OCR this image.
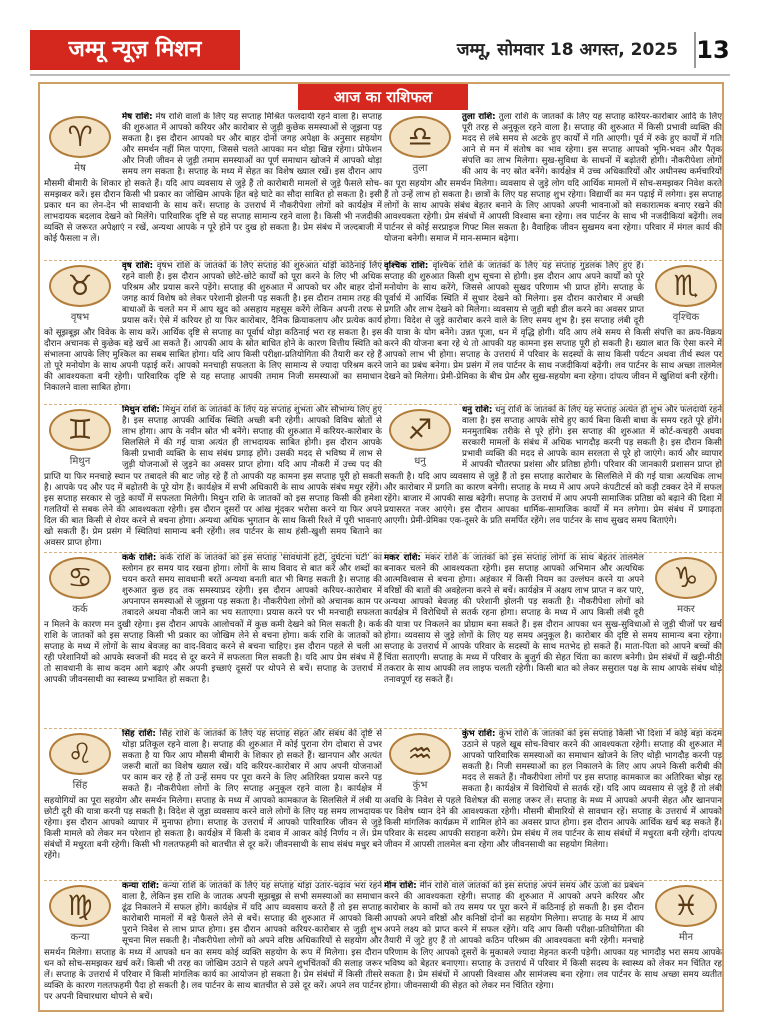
जम्मू न्यूज़ मिशन	जम्मू, सोमवार 18 अगस्त, 2025 13
आज का राशिफल
♈
मेष
मेष राशि: मेष राशि वालों के लिए यह सप्ताह मिश्रित फलदायी रहने वाला है। सप्ताह की शुरुआत में आपको करियर और कारोबार से जुड़ी कुछेक समस्याओं से जूझना पड़ सकता है। इस दौरान आपको घर और बाहर दोनों जगह अपेक्षा के अनुसार सहयोग और समर्थन नहीं मिल पाएगा, जिससे चलते आपका मन थोड़ा खिन्न रहेगा। प्रोफेशन और निजी जीवन से जुड़ी तमाम समस्याओं का पूर्ण समाधान खोजने में आपको थोड़ा समय लग सकता है। सप्ताह के मध्य में सेहत का विशेष ख्याल रखें। इस दौरान आप मौसमी बीमारी के शिकार हो सकते हैं। यदि आप व्यवसाय से जुड़े हैं तो कारोबारी मामलों से जुड़े फैसले सोच-समझकर करें। इस दौरान किसी भी प्रकार का जोखिम आपके हित बड़े घाटे का सौदा साबित हो सकता है। इसी प्रकार धन का लेन-देन भी सावधानी के साथ करें। सप्ताह के उत्तरार्ध में नौकरीपेशा लोगों को कार्यक्षेत्र में लाभदायक बदलाव देखने को मिलेंगे। पारिवारिक दृष्टि से यह सप्ताह सामान्य रहने वाला है। किसी भी नजदीकी व्यक्ति से जरूरत अपेक्षाएं न रखें, अन्यथा आपके न पूरे होने पर दुख हो सकता है। प्रेम संबंध में जल्दबाजी में कोई फैसला न लें।
♉
वृषभ
वृष राशि: वृषभ राशि के जातकों के लिए सप्ताह की शुरुआत थोड़ी कठिनाई लिए रहने वाली है। इस दौरान आपको छोटे-छोटे कार्यों को पूरा करने के लिए भी अधिक परिश्रम और प्रयास करने पड़ेंगे। सप्ताह की शुरुआत में आपको घर और बाहर दोनों जगह कार्य विशेष को लेकर परेशानी झेलनी पड़ सकती है। इस दौरान तमाम तरह की बाधाओं के चलते मन में आप खुद को असहाय महसूस करेंगे लेकिन अपनी तरफ से प्रयास करें। ऐसे में करियर हो या फिर कारोबार, दैनिक क्रियाकलाप और प्रत्येक कार्य को सूझबूझ और विवेक के साथ करें। आर्थिक दृष्टि से सप्ताह का पूर्वार्ध थोड़ा कठिनाई भरा रह सकता है। इस दौरान अचानक से कुछेक बड़े खर्चे आ सकते हैं। आपकी आय के स्रोत बाधित होने के कारण वित्तीय स्थिति को संभालना आपके लिए मुश्किल का सबब साबित होगा। यदि आप किसी परीक्षा-प्रतियोगिता की तैयारी कर रहे हैं तो पूरे मनोयोग के साथ अपनी पढ़ाई करें। आपको मनचाही सफलता के लिए सामान्य से ज्यादा परिश्रम करने की आवश्यकता बनी रहेगी। पारिवारिक दृष्टि से यह सप्ताह आपकी तमाम निजी समस्याओं का समाधान निकालने वाला साबित होगा।
♊
मिथुन
मिथुन राशि: मिथुन राशि के जातकों के लिए यह सप्ताह शुभता और सौभाग्य लिए हुए है। इस सप्ताह आपकी आर्थिक स्थिति अच्छी बनी रहेगी। आपको विविध स्रोतों से लाभ होगा। आप के नवीन स्रोत भी बनेंगे। सप्ताह की शुरुआत में करियर-कारोबार के सिलसिले में की गई यात्रा अत्यंत ही लाभदायक साबित होगी। इस दौरान आपके किसी प्रभावी व्यक्ति के साथ संबंध प्रगाढ़ होंगे। उसकी मदद से भविष्य में लाभ से जुड़ी योजनाओं से जुड़ने का अवसर प्राप्त होगा। यदि आप नौकरी में उच्च पद की प्राप्ति या फिर मनचाहे स्थान पर तबादले की बाट जोह रहे हैं तो आपकी यह कामना इस सप्ताह पूरी हो सकती है। आपके पद और पद में बढ़ोतरी के पूरे योग हैं। कार्यक्षेत्र में सभी अधिकारी के साथ आपके संबंध मधुर रहेंगे। इस सप्ताह सरकार से जुड़े कार्यों में सफलता मिलेगी। मिथुन राशि के जातकों को इस सप्ताह किसी की हमेशा गलतियों से सबक लेने की आवश्यकता रहेगी। इस दौरान दूसरों पर आंख मूंदकर भरोसा करने या फिर अपने दिल की बात किसी से शेयर करने से बचना होगा। अन्यथा अधिक भुगतान के साथ किसी रिश्ते में पूरी भावनाएं खो सकती हैं। प्रेम प्रसंग में स्थितियां सामान्य बनी रहेंगी। लव पार्टनर के साथ हंसी-खुशी समय बिताने का अवसर प्राप्त होगा।
♋
कर्क
कर्क राशि: कर्क राशि के जातकों को इस सप्ताह 'सावधानी हटी, दुर्घटना घटी' का स्लोगन हर समय याद रखना होगा। लोगों के साथ विवाद से बात करें और शब्दों का चयन करते समय सावधानी बरतें अन्यथा बनती बात भी बिगड़ सकती है। सप्ताह की शुरुआत कुछ हद तक समस्याप्रद रहेगी। इस दौरान आपको करियर-कारोबार में अपनापन समस्याओं से जूझना पड़ सकता है। नौकरीपेशा लोगों को अचानक काम पर तबादले अथवा नौकरी जाने का भय सताएगा। प्रयास करने पर भी मनचाही सफलता न मिलने के कारण मन दुखी रहेगा। इस दौरान आपके आलोचकों में कुछ कमी देखने को मिल सकती है। कर्क राशि के जातकों को इस सप्ताह किसी भी प्रकार का जोखिम लेने से बचना होगा। कर्क राशि के जातकों को सप्ताह के मध्य में लोगों के साथ बेवजह का वाद-विवाद करने से बचना चाहिए। इस दौरान पहले से चली आ रही परेशानियों को आपके स्वजनों की मदद से दूर करने में सफलता मिल सकती है। यदि आप प्रेम संबंध में हैं तो सावधानी के साथ कदम आगे बढ़ाएं और अपनी इच्छाएं दूसरों पर थोपने से बचें। सप्ताह के उत्तरार्ध में आपकी जीवनसाथी का स्वास्थ्य प्रभावित हो सकता है।
♌
सिंह
सिंह राशि: सिंह राशि के जातकों के लिए यह सप्ताह सेहत और संबंध की दृष्टि से थोड़ा प्रतिकूल रहने वाला है। सप्ताह की शुरुआत में कोई पुराना रोग दोबारा से उभर सकता है या फिर आप मौसमी बीमारी के शिकार हो सकते हैं। खानपान और अत्यंत जरूरी बातों का विशेष ख्याल रखें। यदि करियर-कारोबार में आप अपनी योजनाओं पर काम कर रहे हैं तो उन्हें समय पर पूरा करने के लिए अतिरिक्त प्रयास करने पड़ सकते हैं। नौकरीपेशा लोगों के लिए सप्ताह अनुकूल रहने वाला है। कार्यक्षेत्र में सहयोगियों का पूरा सहयोग और समर्थन मिलेगा। सप्ताह के मध्य में आपको कामकाज के सिलसिले में लंबी या छोटी दूरी की यात्रा करनी पड़ सकती है। विदेश से जुड़ा व्यवसाय करने वाले लोगों के लिए यह समय लाभदायक रहेगा। इस दौरान आपको व्यापार में मुनाफा होगा। सप्ताह के उत्तरार्ध में आपको पारिवारिक जीवन से जुड़े किसी मामले को लेकर मन परेशान हो सकता है। कार्यक्षेत्र में किसी के दबाव में आकर कोई निर्णय न लें। प्रेम संबंधों में मधुरता बनी रहेगी। किसी भी गलतफहमी को बातचीत से दूर करें। जीवनसाथी के साथ संबंध मधुर बने रहेंगे।
♍
कन्या
कन्या राशि: कन्या राशि के जातकों के लिए यह सप्ताह थोड़ा उतार-चढ़ाव भरा रहने वाला है, लेकिन इस राशि के जातक अपनी सूझबूझ से सभी समस्याओं का समाधान ढूंढ निकालने में सफल होंगे। कार्यक्षेत्र में यदि आप व्यवसाय करते हैं तो इस सप्ताह कारोबारी मामलों में बड़े फैसले लेने से बचें। सप्ताह की शुरुआत में आपको किसी पुराने निवेश से लाभ प्राप्त होगा। इस दौरान आपको करियर-कारोबार से जुड़ी शुभ सूचना मिल सकती है। नौकरीपेशा लोगों को अपने वरिष्ठ अधिकारियों से सहयोग और समर्थन मिलेगा। सप्ताह के मध्य में आपको धन का समय कोई व्यक्ति सहयोग के रूप में मिलेगा। इस दौरान धन को सोच-समझकर खर्च करें। किसी भी तरह का जोखिम उठाने से पहले अपने शुभचिंतकों की सलाह जरूर लें। सप्ताह के उत्तरार्ध में परिवार में किसी मांगलिक कार्य का आयोजन हो सकता है। प्रेम संबंधों में किसी तीसरे व्यक्ति के कारण गलतफहमी पैदा हो सकती है। लव पार्टनर के साथ बातचीत से उसे दूर करें। अपने लव पार्टनर पर अपनी विचारधारा थोपने से बचें।
♎
तुला
तुला राशि: तुला राशि के जातकों के लिए यह सप्ताह करियर-कारोबार आदि के लिए पूरी तरह से अनुकूल रहने वाला है। सप्ताह की शुरुआत में किसी प्रभावी व्यक्ति की मदद से लंबे समय से अटके हुए कार्यों में गति आएगी। पूर्व में रुके हुए कार्यों में गति आने से मन में संतोष का भाव रहेगा। इस सप्ताह आपको भूमि-भवन और पैतृक संपत्ति का लाभ मिलेगा। सुख-सुविधा के साधनों में बढ़ोतरी होगी। नौकरीपेशा लोगों की आय के नए स्रोत बनेंगे। कार्यक्षेत्र में उच्च अधिकारियों और अधीनस्थ कर्मचारियों का पूरा सहयोग और समर्थन मिलेगा। व्यवसाय से जुड़े लोग यदि आर्थिक मामलों में सोच-समझकर निवेश करते हैं तो उन्हें लाभ हो सकता है। छात्रों के लिए यह सप्ताह शुभ रहेगा। विद्यार्थी का मन पढ़ाई में लगेगा। इस सप्ताह लोगों के साथ आपके संबंध बेहतर बनाने के लिए आपको अपनी भावनाओं को सकारात्मक बनाए रखने की आवश्यकता रहेगी। प्रेम संबंधों में आपसी विश्वास बना रहेगा। लव पार्टनर के साथ भी नजदीकियां बढ़ेंगी। लव पार्टनर से कोई सरप्राइज गिफ्ट मिल सकता है। वैवाहिक जीवन सुखमय बना रहेगा। परिवार में मंगल कार्य की योजना बनेगी। समाज में मान-सम्मान बढ़ेगा।
♏
वृश्चिक
वृश्चिक राशि: वृश्चिक राशि के जातकों के लिए यह सप्ताह गुडलक लिए हुए है। सप्ताह की शुरुआत किसी शुभ सूचना से होगी। इस दौरान आप अपने कार्यों को पूरे मनोयोग के साथ करेंगे, जिससे आपको सुखद परिणाम भी प्राप्त होंगे। सप्ताह के पूर्वार्ध में आर्थिक स्थिति में सुधार देखने को मिलेगा। इस दौरान कारोबार में अच्छी प्रगति और लाभ देखने को मिलेगा। व्यवसाय से जुड़ी बड़ी डील करने का अवसर प्राप्त होगा। विदेश से जुड़े कारोबार करने वाले के लिए समय शुभ है। इस सप्ताह लंबी दूरी की यात्रा के योग बनेंगे। उन्नत पूजा, धन में वृद्धि होगी। यदि आप लंबे समय से किसी संपत्ति का क्रय-विक्रय करने की योजना बना रहे थे तो आपकी यह कामना इस सप्ताह पूरी हो सकती है। ख्याल बात कि ऐसा करने में आपको लाभ भी होगा। सप्ताह के उत्तरार्ध में परिवार के सदस्यों के साथ किसी पर्यटन अथवा तीर्थ स्थल पर जाने का प्रबंध बनेगा। प्रेम प्रसंग में लव पार्टनर के साथ नजदीकियां बढ़ेंगी। लव पार्टनर के साथ अच्छा तालमेल देखने को मिलेगा। प्रेमी-प्रेमिका के बीच प्रेम और सुख-सहयोग बना रहेगा। दांपत्य जीवन में खुशियां बनी रहेंगी।
♐
धनु
धनु राशि: धनु राशि के जातकों के लिए यह सप्ताह अत्यंत ही शुभ और फलदायी रहने वाला है। इस सप्ताह आपके सोचे हुए कार्य बिना किसी बाधा के समय रहते पूरे होंगे। मनमुताबिक तरीके से पूरे होंगे। इस सप्ताह की शुरुआत में कोर्ट-कचहरी अथवा सरकारी मामलों के संबंध में अधिक भागदौड़ करनी पड़ सकती है। इस दौरान किसी प्रभावी व्यक्ति की मदद से आपके काम सरलता से पूरे हो जाएंगे। कार्य और व्यापार में आपकी चौतरफा प्रशंसा और प्रतिष्ठा होगी। परिवार की जानकारी प्रशासन प्राप्त हो सकती है। यदि आप व्यवसाय से जुड़े हैं तो इस सप्ताह कारोबार के सिलसिले में की गई यात्रा अत्यधिक लाभ और कारोबार में प्रगति का कारण बनेगी। सप्ताह के मध्य में आप अपने कंपटीटर्स को कड़ी टक्कर देने में सफल रहेंगे। बाजार में आपकी साख बढ़ेगी। सप्ताह के उत्तरार्ध में आप अपनी सामाजिक प्रतिष्ठा को बढ़ाने की दिशा में प्रयासरत नजर आएंगे। इस दौरान आपका धार्मिक-सामाजिक कार्यों में मन लगेगा। प्रेम संबंध में प्रगाढ़ता आएगी। प्रेमी-प्रेमिका एक-दूसरे के प्रति समर्पित रहेंगे। लव पार्टनर के साथ सुखद समय बिताएंगे।
♑
मकर
मकर राशि: मकर राशि के जातकों को इस सप्ताह लोगों के साथ बेहतर तालमेल बनाकर चलने की आवश्यकता रहेगी। इस सप्ताह आपको अभिमान और अत्यधिक आत्मविश्वास से बचना होगा। अहंकार में किसी नियम का उल्लंघन करने या अपने वरिष्ठों की बातों की अवहेलना करने से बचें। कार्यक्षेत्र में अक्षय लाभ प्राप्त न कर पाएं, अन्यथा आपको बेवजह की परेशानी झेलनी पड़ सकती है। नौकरीपेशा लोगों को कार्यक्षेत्र में विरोधियों से सतर्क रहना होगा। सप्ताह के मध्य में आप किसी लंबी दूरी की यात्रा पर निकलने का प्रोग्राम बना सकते हैं। इस दौरान आपका धन सुख-सुविधाओं से जुड़ी चीजों पर खर्च होगा। व्यवसाय से जुड़े लोगों के लिए यह समय अनुकूल है। कारोबार की दृष्टि से समय सामान्य बना रहेगा। सप्ताह के उत्तरार्ध में आपके परिवार के सदस्यों के साथ मतभेद हो सकते हैं। माता-पिता को आपने बच्चों की चिंता सताएगी। सप्ताह के मध्य में परिवार के बुजुर्ग की सेहत चिंता का कारण बनेगी। प्रेम संबंधों में खट्टी-मीठी तकरार के साथ आपकी लव लाइफ चलती रहेगी। किसी बात को लेकर ससुराल पक्ष के साथ आपके संबंध थोड़े तनावपूर्ण रह सकते हैं।
♒
कुंभ
कुंभ राशि: कुंभ राशि के जातकों को इस सप्ताह किसी भी दिशा में कोई बड़ा कदम उठाने से पहले खूब सोच-विचार करने की आवश्यकता रहेगी। सप्ताह की शुरुआत में आपको पारिवारिक समस्याओं का समाधान खोजने के लिए थोड़ी भागदौड़ करनी पड़ सकती है। निजी समस्याओं का हल निकालने के लिए आप अपने किसी करीबी की मदद ले सकते हैं। नौकरीपेशा लोगों पर इस सप्ताह कामकाज का अतिरिक्त बोझ रह सकता है। कार्यक्षेत्र में विरोधियों से सतर्क रहें। यदि आप व्यवसाय से जुड़े हैं तो लंबी अवधि के निवेश से पहले विशेषज्ञ की सलाह जरूर लें। सप्ताह के मध्य में आपको अपनी सेहत और खानपान पर विशेष ध्यान देने की आवश्यकता रहेगी। मौसमी बीमारियों से सावधान रहें। सप्ताह के उत्तरार्ध में आपको किसी मांगलिक कार्यक्रम में शामिल होने का अवसर प्राप्त होगा। इस दौरान आपके आर्थिक खर्च बढ़ सकते हैं। परिवार के सदस्य आपकी सराहना करेंगे। प्रेम संबंध में लव पार्टनर के साथ संबंधों में मधुरता बनी रहेगी। दांपत्य जीवन में आपसी तालमेल बना रहेगा और जीवनसाथी का सहयोग मिलेगा।
♓
मीन
मीन राशि: मीन राशि वाले जातकों को इस सप्ताह अपने समय और ऊर्जा का प्रबंधन करने की आवश्यकता रहेगी। सप्ताह की शुरुआत में आपको अपने करियर और कारोबार के कामों को तय समय पर पूरा करने में कठिनाई हो सकती है। इस दौरान आपको अपने वरिष्ठों और कनिष्ठों दोनों का सहयोग मिलेगा। सप्ताह के मध्य में आप अपने लक्ष्य को प्राप्त करने में सफल रहेंगे। यदि आप किसी परीक्षा-प्रतियोगिता की तैयारी में जुटे हुए हैं तो आपको कठिन परिश्रम की आवश्यकता बनी रहेगी। मनचाहे परिणाम के लिए आपको दूसरों के मुकाबले ज्यादा मेहनत करनी पड़ेगी। आपका यह भागदौड़ भरा समय आपके भविष्य को बेहतर बनाएगा। सप्ताह के उत्तरार्ध में परिवार में किसी सदस्य के स्वास्थ्य को लेकर मन चिंतित रह सकता है। प्रेम संबंधों में आपसी विश्वास और सामंजस्य बना रहेगा। लव पार्टनर के साथ अच्छा समय व्यतीत होगा। जीवनसाथी की सेहत को लेकर मन चिंतित रहेगा।
